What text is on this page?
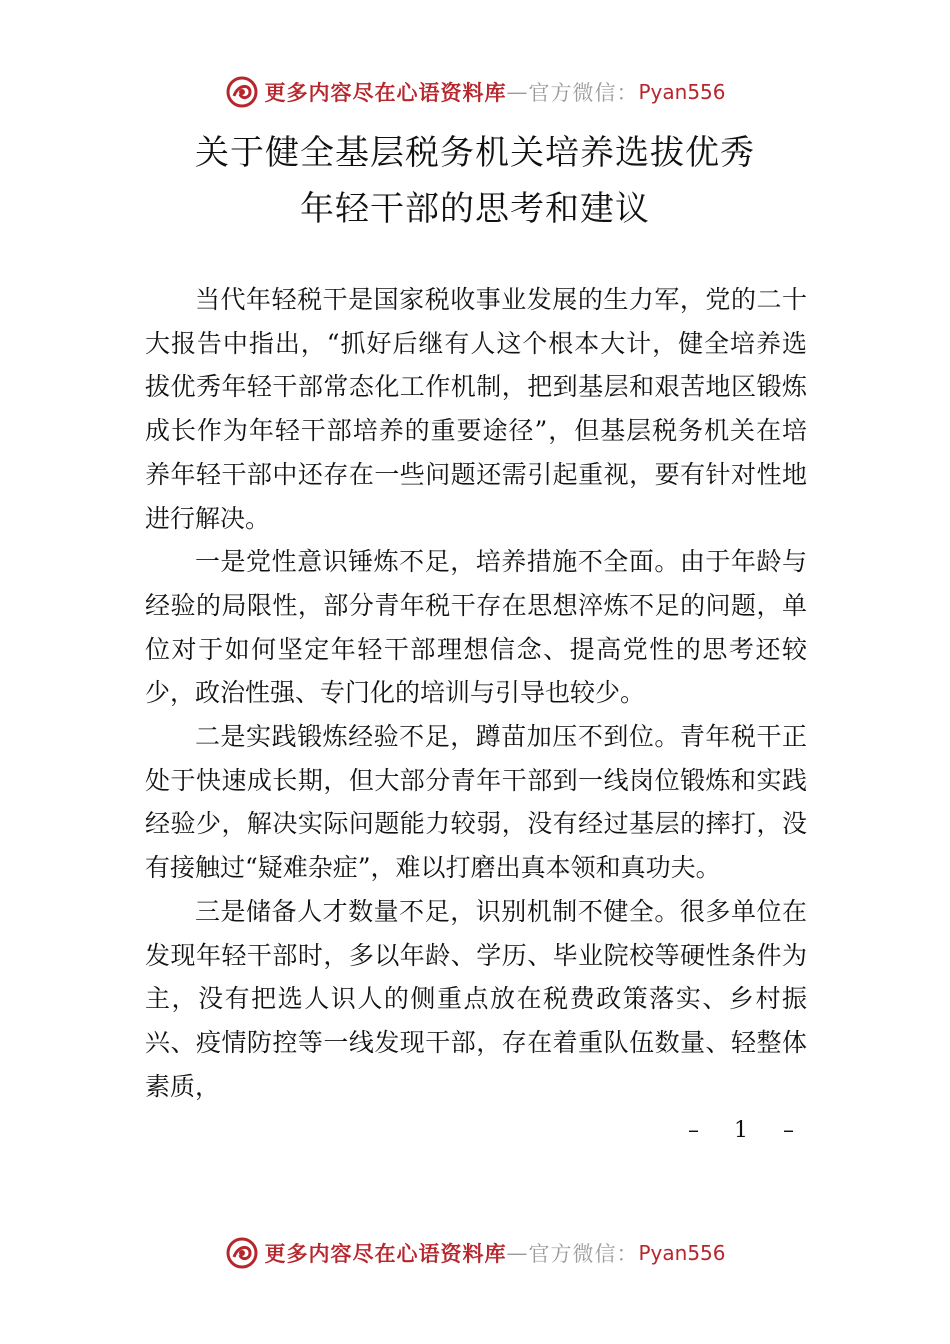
更多内容尽在心语资料库 — 官方微信： Pyan556
关于健全基层税务机关培养选拔优秀
年轻干部的思考和建议

当代年轻税干是国家税收事业发展的生力军，党的二十大报告中指出，“抓好后继有人这个根本大计，健全培养选拔优秀年轻干部常态化工作机制，把到基层和艰苦地区锻炼成长作为年轻干部培养的重要途径”，但基层税务机关在培养年轻干部中还存在一些问题还需引起重视，要有针对性地进行解决。

一是党性意识锤炼不足，培养措施不全面。由于年龄与经验的局限性，部分青年税干存在思想淬炼不足的问题，单位对于如何坚定年轻干部理想信念、提高党性的思考还较少，政治性强、专门化的培训与引导也较少。

二是实践锻炼经验不足，蹲苗加压不到位。青年税干正处于快速成长期，但大部分青年干部到一线岗位锻炼和实践经验少，解决实际问题能力较弱，没有经过基层的摔打，没有接触过“疑难杂症”，难以打磨出真本领和真功夫。

三是储备人才数量不足，识别机制不健全。很多单位在发现年轻干部时，多以年龄、学历、毕业院校等硬性条件为主，没有把选人识人的侧重点放在税费政策落实、乡村振兴、疫情防控等一线发现干部，存在着重队伍数量、轻整体素质，

– 1 –
更多内容尽在心语资料库 — 官方微信： Pyan556
